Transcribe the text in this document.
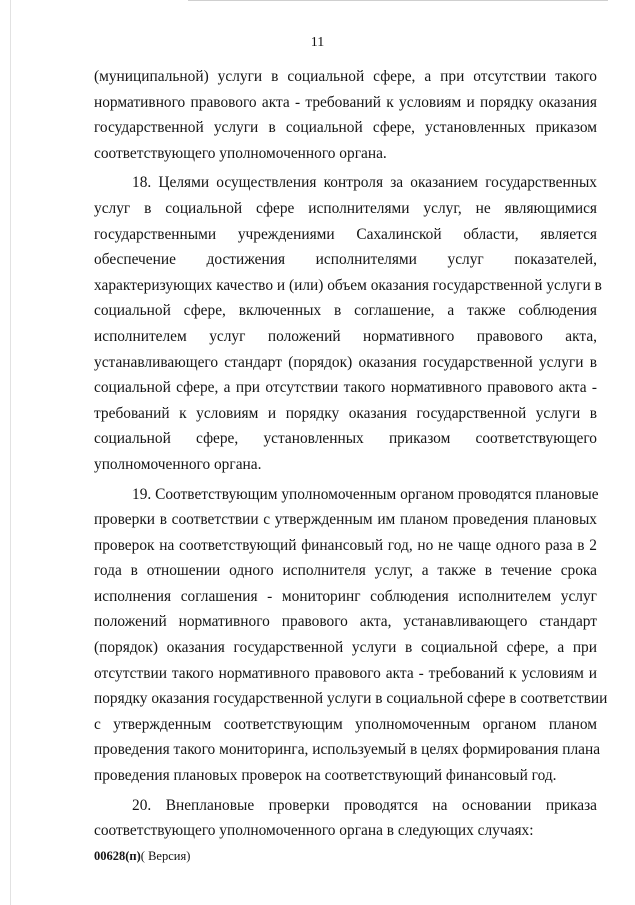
11
(муниципальной) услуги в социальной сфере, а при отсутствии такого
нормативного правового акта - требований к условиям и порядку оказания
государственной услуги в социальной сфере, установленных приказом
соответствующего уполномоченного органа.
18. Целями осуществления контроля за оказанием государственных
услуг в социальной сфере исполнителями услуг, не являющимися
государственными учреждениями Сахалинской области, является
обеспечение достижения исполнителями услуг показателей,
характеризующих качество и (или) объем оказания государственной услуги в
социальной сфере, включенных в соглашение, а также соблюдения
исполнителем услуг положений нормативного правового акта,
устанавливающего стандарт (порядок) оказания государственной услуги в
социальной сфере, а при отсутствии такого нормативного правового акта -
требований к условиям и порядку оказания государственной услуги в
социальной сфере, установленных приказом соответствующего
уполномоченного органа.
19. Соответствующим уполномоченным органом проводятся плановые
проверки в соответствии с утвержденным им планом проведения плановых
проверок на соответствующий финансовый год, но не чаще одного раза в 2
года в отношении одного исполнителя услуг, а также в течение срока
исполнения соглашения - мониторинг соблюдения исполнителем услуг
положений нормативного правового акта, устанавливающего стандарт
(порядок) оказания государственной услуги в социальной сфере, а при
отсутствии такого нормативного правового акта - требований к условиям и
порядку оказания государственной услуги в социальной сфере в соответствии
с утвержденным соответствующим уполномоченным органом планом
проведения такого мониторинга, используемый в целях формирования плана
проведения плановых проверок на соответствующий финансовый год.
20. Внеплановые проверки проводятся на основании приказа
соответствующего уполномоченного органа в следующих случаях:
00628(п)( Версия)
